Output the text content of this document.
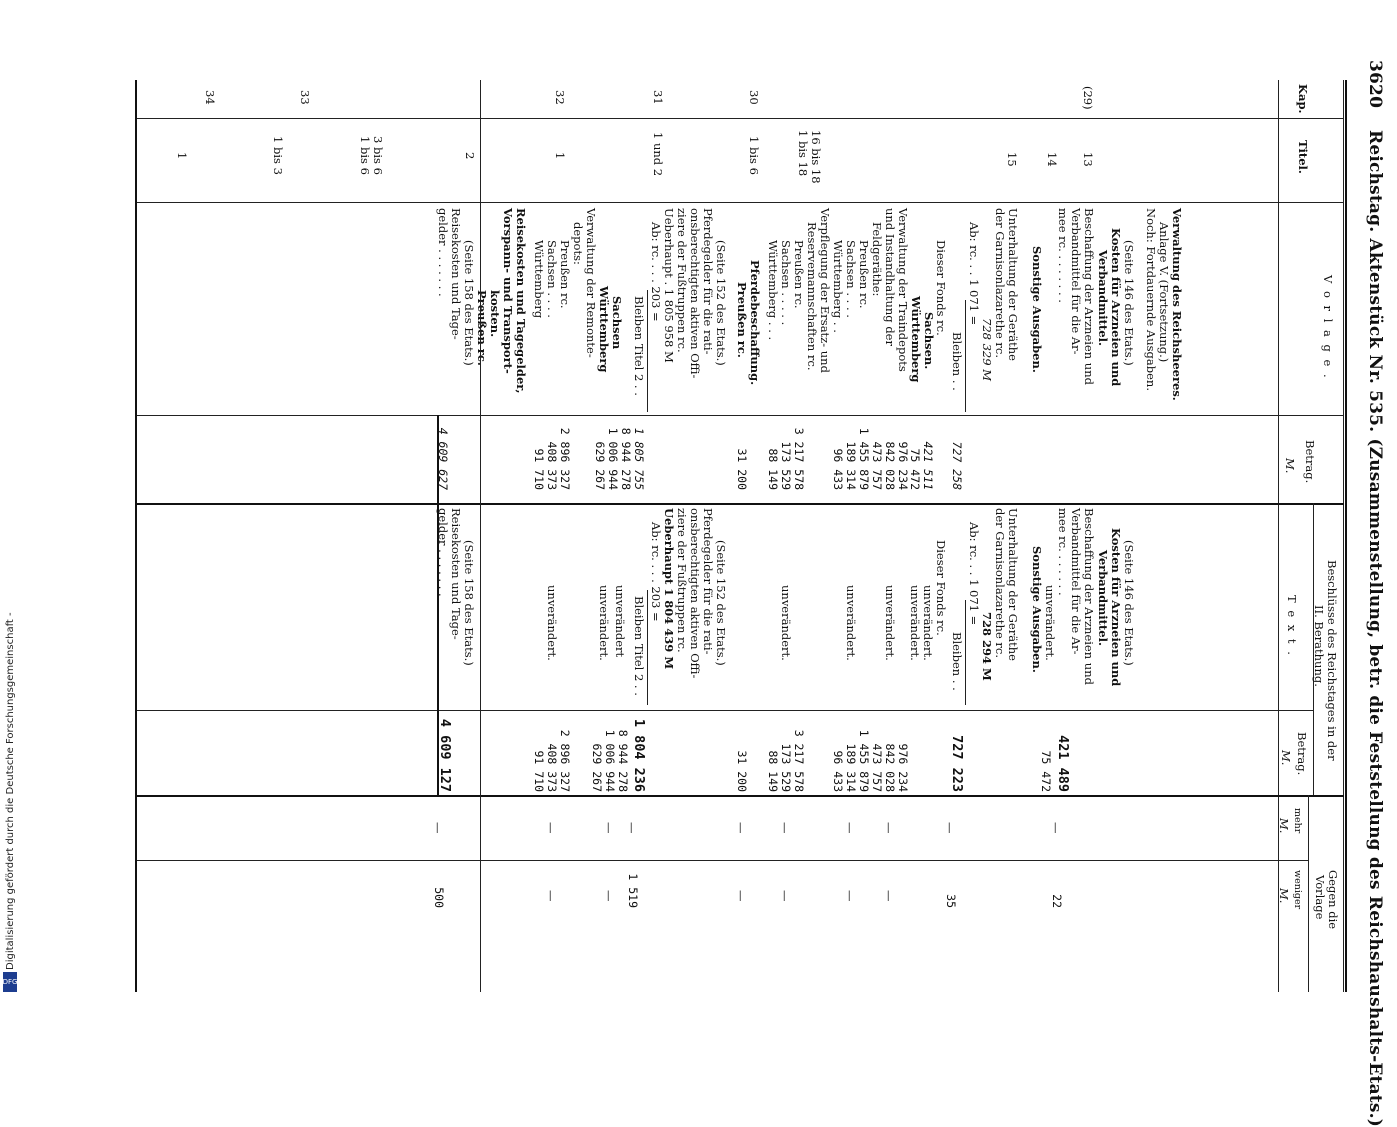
3620
Reichstag. Aktenstück Nr. 535. (Zusammenstellung, betr. die Feststellung des Reichshaushalts-Etats.)
Kap.
Titel.
V o r l a g e .
Betrag.
M.
Beschlüsse des Reichstages in der
II. Berathung.
T e x t .
Betrag.
M.
Gegen die
Vorlage
mehr
weniger
M.
M.
(29)
30
31
32
33
34
13
14
15
16 bis 18
1 bis 18
1 bis 6
1 und 2
1
2
3 bis 6
1 bis 6
1 bis 3
1
Verwaltung des Reichsheeres.
Anlage V. (Fortsetzung.)
Noch: Fortdauernde Ausgaben.
(Seite 146 des Etats.)
Kosten für Arzneien und
Verbandmittel.
Beschaffung der Arzneien und
Verbandmittel für die Ar-
mee rc. . . . . . . .
Sonstige Ausgaben.
Unterhaltung der Geräthe
der Garnisonlazarethe rc.
728 329 M
Ab: rc. . . 1 071 =
Bleiben . .
Dieser Fonds rc.
Sachsen.
Württemberg
Verwaltung der Traindepots
und Instandhaltung der
Feldgeräthe:
Preußen rc.
Sachsen . . . .
Württemberg . .
Verpflegung der Ersatz- und
Reservemannschaften rc.
Preußen rc.
Sachsen . . . . .
Württemberg . . .
Pferdebeschaffung.
Preußen rc.
(Seite 152 des Etats.)
Pferdegelder für die rati-
onsberechtigten aktiven Offi-
ziere der Fußtruppen rc.
Ueberhaupt . 1 805 958 M
Ab: rc. . . . 203 =
Bleiben Titel 2 . .
Sachsen
Württemberg
Verwaltung der Remonte-
depots:
Preußen rc.
Sachsen . . . .
Württemberg
Reisekosten und Tagegelder,
Vorspann- und Transport-
kosten.
Preußen rc.
(Seite 158 des Etats.)
Reisekosten und Tage-
gelder . . . . . . .
421 511
75 472 727 258
976 234
842 028
473 757
1 455 879
189 314
96 433
3 217 578
173 529
88 149
31 200
1 805 755
8 944 278
1 006 944
629 267
2 896 327
408 373
91 710
4 609 627
(Seite 146 des Etats.)
Kosten für Arzneien und
Verbandmittel.
Beschaffung der Arzneien und
Verbandmittel für die Ar-
mee rc. . . . . . .
unverändert.
Sonstige Ausgaben.
Unterhaltung der Geräthe
der Garnisonlazarethe rc.
728 294 M
Ab: rc. . . 1 071 =
Bleiben . .
Dieser Fonds rc.
unverändert.
unverändert.
unverändert.
unverändert.
unverändert.
(Seite 152 des Etats.)
Pferdegelder für die rati-
onsberechtigten aktiven Offi-
ziere der Fußtruppen rc.
Ueberhaupt 1 804 439 M
Ab: rc. . . . 203 =
Bleiben Titel 2 . .
unverändert
unverändert.
unverändert.
(Seite 158 des Etats.)
Reisekosten und Tage-
gelder . . . . . . .
421 489
75 472
727 223
976 234
842 028
473 757
1 455 879
189 314
96 433
3 217 578
173 529
88 149
31 200
1 804 236
8 944 278
1 006 944
629 267
2 896 327
408 373
91 710
4 609 127
—
—
—
—
—
—
—
—
—
—
22
35
—
—
—
—
1 519
—
—
500
Digitalisierung gefördert durch die Deutsche Forschungsgemeinschaft -
DFG
